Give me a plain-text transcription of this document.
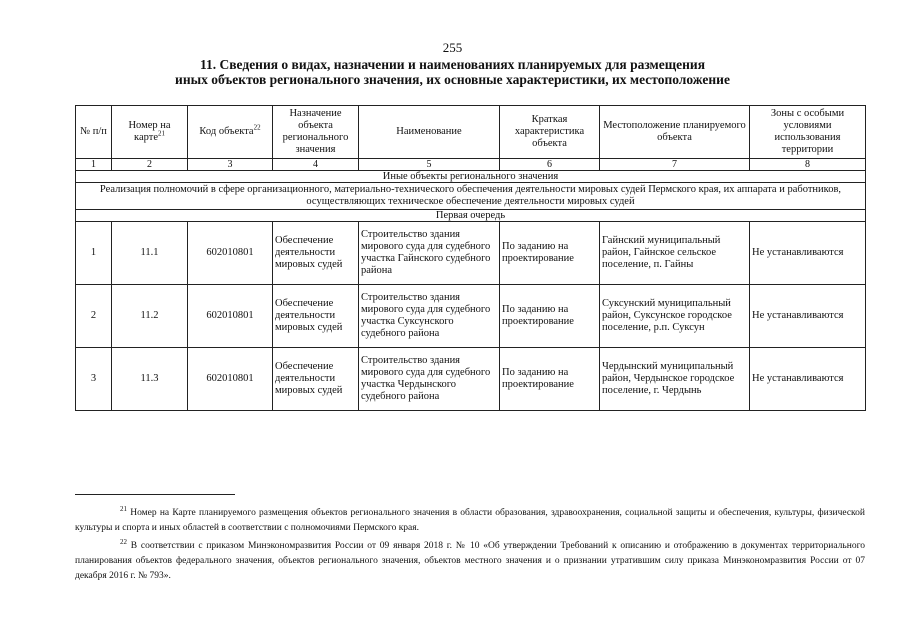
255
11. Сведения о видах, назначении и наименованиях планируемых для размещения
иных объектов регионального значения, их основные характеристики, их местоположение
№ п/п	Номер на карте$^{21}$	Код объекта$^{22}$	Назначение объекта регионального значения	Наименование	Краткая характеристика объекта	Местоположение планируемого объекта	Зоны с особыми условиями использования территории
1	2	3	4	5	6	7	8
Иные объекты регионального значения							
Реализация полномочий в сфере организационного, материально-технического обеспечения деятельности мировых судей Пермского края, их аппарата и работников, осуществляющих техническое обеспечение деятельности мировых судей							
Первая очередь							
1	11.1	602010801	Обеспечение деятельности мировых судей	Строительство здания мирового суда для судебного участка Гайнского судебного района	По заданию на проектирование	Гайнский муниципальный район, Гайнское сельское поселение, п. Гайны	Не устанавливаются
2	11.2	602010801	Обеспечение деятельности мировых судей	Строительство здания мирового суда для судебного участка Суксунского судебного района	По заданию на проектирование	Суксунский муниципальный район, Суксунское городское поселение, р.п. Суксун	Не устанавливаются
3	11.3	602010801	Обеспечение деятельности мировых судей	Строительство здания мирового суда для судебного участка Чердынского судебного района	По заданию на проектирование	Чердынский муниципальный район, Чердынское городское поселение, г. Чердынь	Не устанавливаются

$^{21}$ Номер на Карте планируемого размещения объектов регионального значения в области образования, здравоохранения, социальной защиты и обеспечения, культуры, физической культуры и спорта и иных областей в соответствии с полномочиями Пермского края.

$^{22}$ В соответствии с приказом Минэкономразвития России от 09 января 2018 г. № 10 «Об утверждении Требований к описанию и отображению в документах территориального планирования объектов федерального значения, объектов регионального значения, объектов местного значения и о признании утратившим силу приказа Минэкономразвития России от 07 декабря 2016 г. № 793».
